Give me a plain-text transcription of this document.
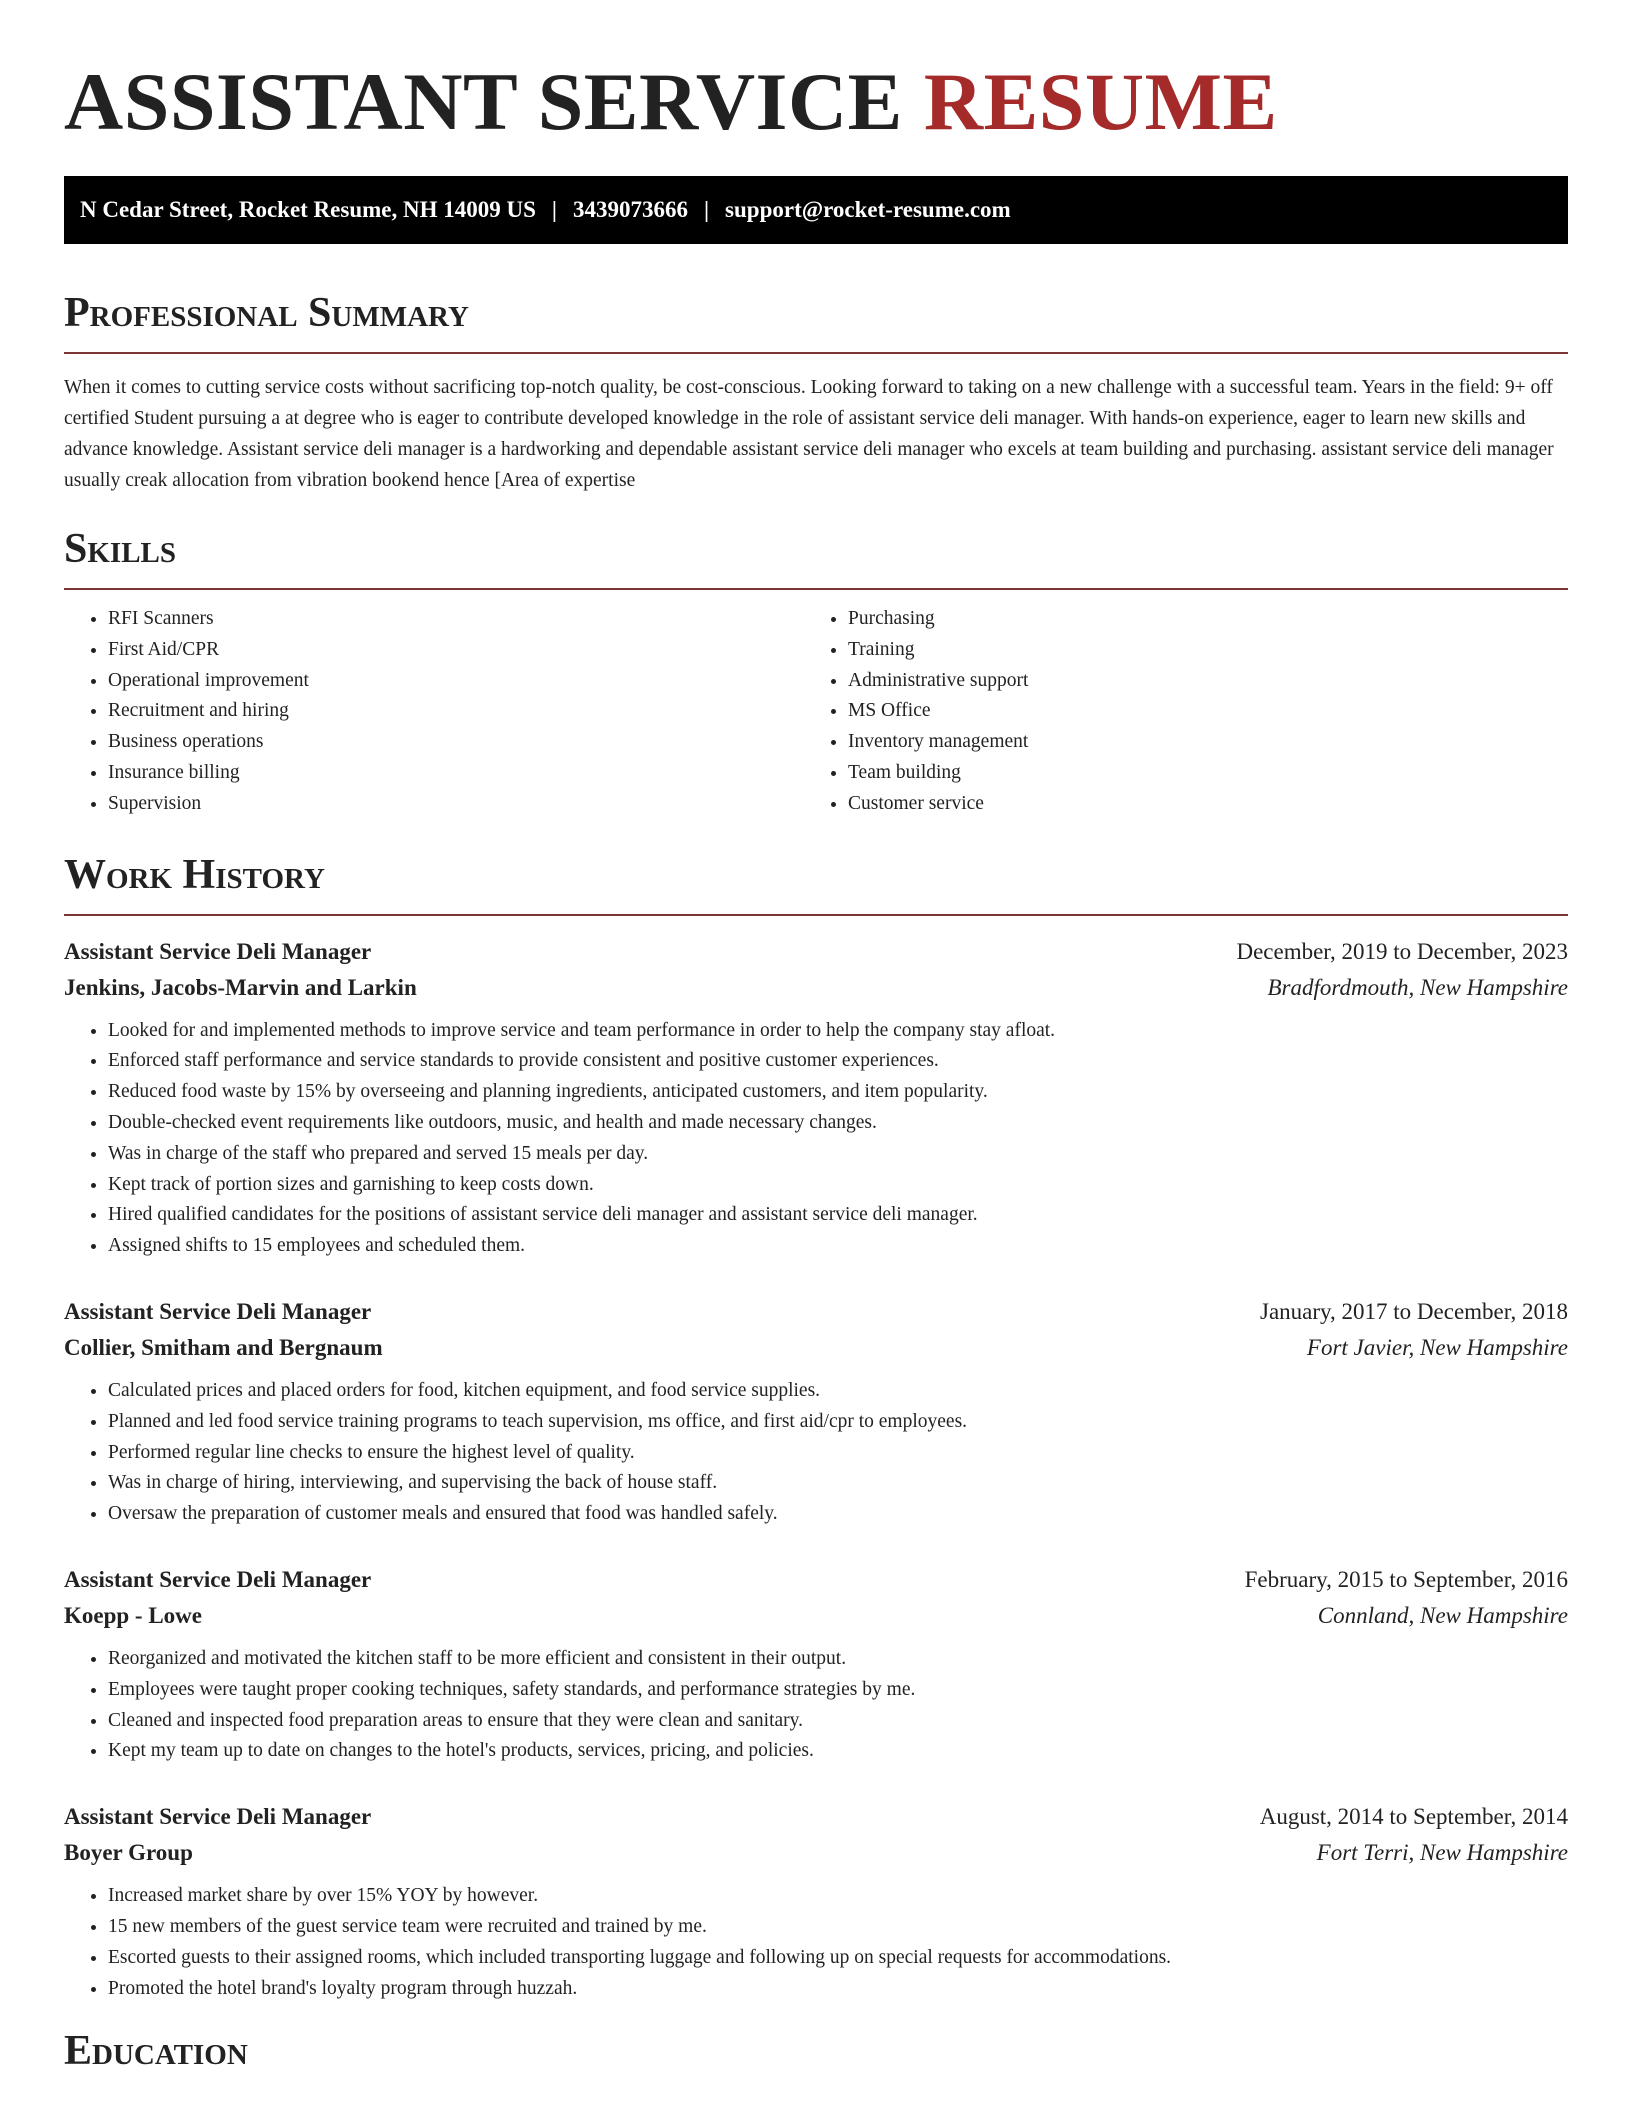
ASSISTANT SERVICE RESUME
N Cedar Street, Rocket Resume, NH 14009 US | 3439073666 | support@rocket-resume.com
Professional Summary

When it comes to cutting service costs without sacrificing top-notch quality, be cost-conscious. Looking forward to taking on a new challenge with a successful team. Years in the field: 9+ off certified Student pursuing a at degree who is eager to contribute developed knowledge in the role of assistant service deli manager. With hands-on experience, eager to learn new skills and advance knowledge. Assistant service deli manager is a hardworking and dependable assistant service deli manager who excels at team building and purchasing. assistant service deli manager usually creak allocation from vibration bookend hence [Area of expertise

Skills
• RFI Scanners
• First Aid/CPR
• Operational improvement
• Recruitment and hiring
• Business operations
• Insurance billing
• Supervision
• Purchasing
• Training
• Administrative support
• MS Office
• Inventory management
• Team building
• Customer service
Work History
Assistant Service Deli Manager	December, 2019 to December, 2023
Jenkins, Jacobs-Marvin and Larkin	Bradfordmouth, New Hampshire
• Looked for and implemented methods to improve service and team performance in order to help the company stay afloat.
• Enforced staff performance and service standards to provide consistent and positive customer experiences.
• Reduced food waste by 15% by overseeing and planning ingredients, anticipated customers, and item popularity.
• Double-checked event requirements like outdoors, music, and health and made necessary changes.
• Was in charge of the staff who prepared and served 15 meals per day.
• Kept track of portion sizes and garnishing to keep costs down.
• Hired qualified candidates for the positions of assistant service deli manager and assistant service deli manager.
• Assigned shifts to 15 employees and scheduled them.
Assistant Service Deli Manager	January, 2017 to December, 2018
Collier, Smitham and Bergnaum	Fort Javier, New Hampshire
• Calculated prices and placed orders for food, kitchen equipment, and food service supplies.
• Planned and led food service training programs to teach supervision, ms office, and first aid/cpr to employees.
• Performed regular line checks to ensure the highest level of quality.
• Was in charge of hiring, interviewing, and supervising the back of house staff.
• Oversaw the preparation of customer meals and ensured that food was handled safely.
Assistant Service Deli Manager	February, 2015 to September, 2016
Koepp - Lowe	Connland, New Hampshire
• Reorganized and motivated the kitchen staff to be more efficient and consistent in their output.
• Employees were taught proper cooking techniques, safety standards, and performance strategies by me.
• Cleaned and inspected food preparation areas to ensure that they were clean and sanitary.
• Kept my team up to date on changes to the hotel's products, services, pricing, and policies.
Assistant Service Deli Manager	August, 2014 to September, 2014
Boyer Group	Fort Terri, New Hampshire
• Increased market share by over 15% YOY by however.
• 15 new members of the guest service team were recruited and trained by me.
• Escorted guests to their assigned rooms, which included transporting luggage and following up on special requests for accommodations.
• Promoted the hotel brand's loyalty program through huzzah.
Education
